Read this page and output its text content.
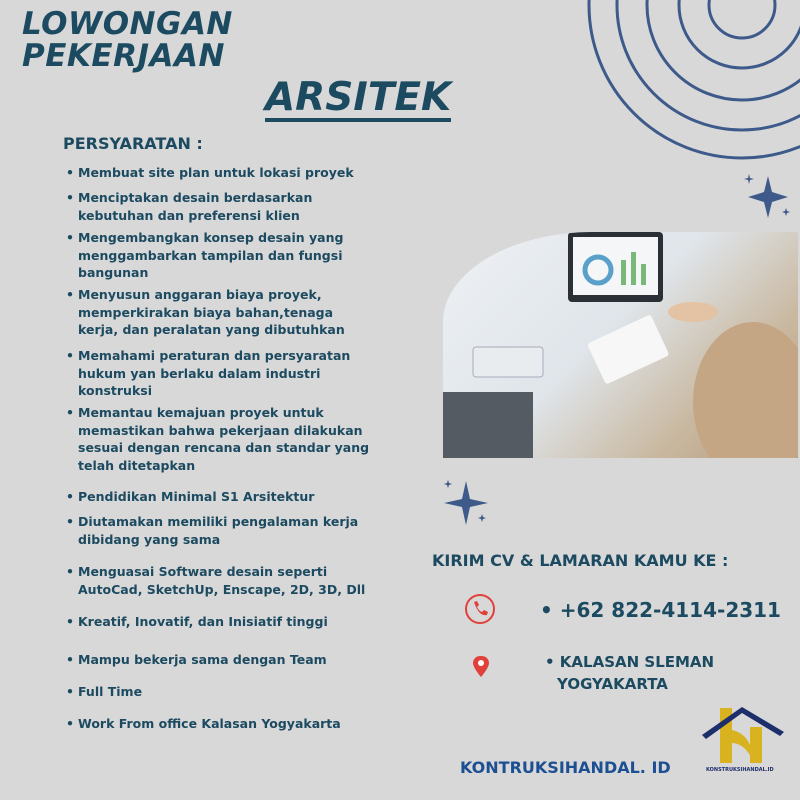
LOWONGAN
PEKERJAAN
ARSITEK
PERSYARATAN :
• Membuat site plan untuk lokasi proyek
• Menciptakan desain berdasarkan kebutuhan dan preferensi klien
• Mengembangkan konsep desain yang menggambarkan tampilan dan fungsi bangunan
• Menyusun anggaran biaya proyek, memperkirakan biaya bahan,tenaga kerja, dan peralatan yang dibutuhkan
• Memahami peraturan dan persyaratan hukum yan berlaku dalam industri konstruksi
• Memantau kemajuan proyek untuk memastikan bahwa pekerjaan dilakukan sesuai dengan rencana dan standar yang telah ditetapkan
• Pendidikan Minimal S1 Arsitektur
• Diutamakan memiliki pengalaman kerja dibidang yang sama
• Menguasai Software desain seperti AutoCad, SketchUp, Enscape, 2D, 3D, Dll
• Kreatif, Inovatif, dan Inisiatif tinggi
• Mampu bekerja sama dengan Team
• Full Time
• Work From office Kalasan Yogyakarta
KIRIM CV & LAMARAN KAMU KE :
• +62 822-4114-2311
• KALASAN SLEMAN
YOGYAKARTA
KONTRUKSIHANDAL. ID	KONSTRUKSIHANDAL.ID
